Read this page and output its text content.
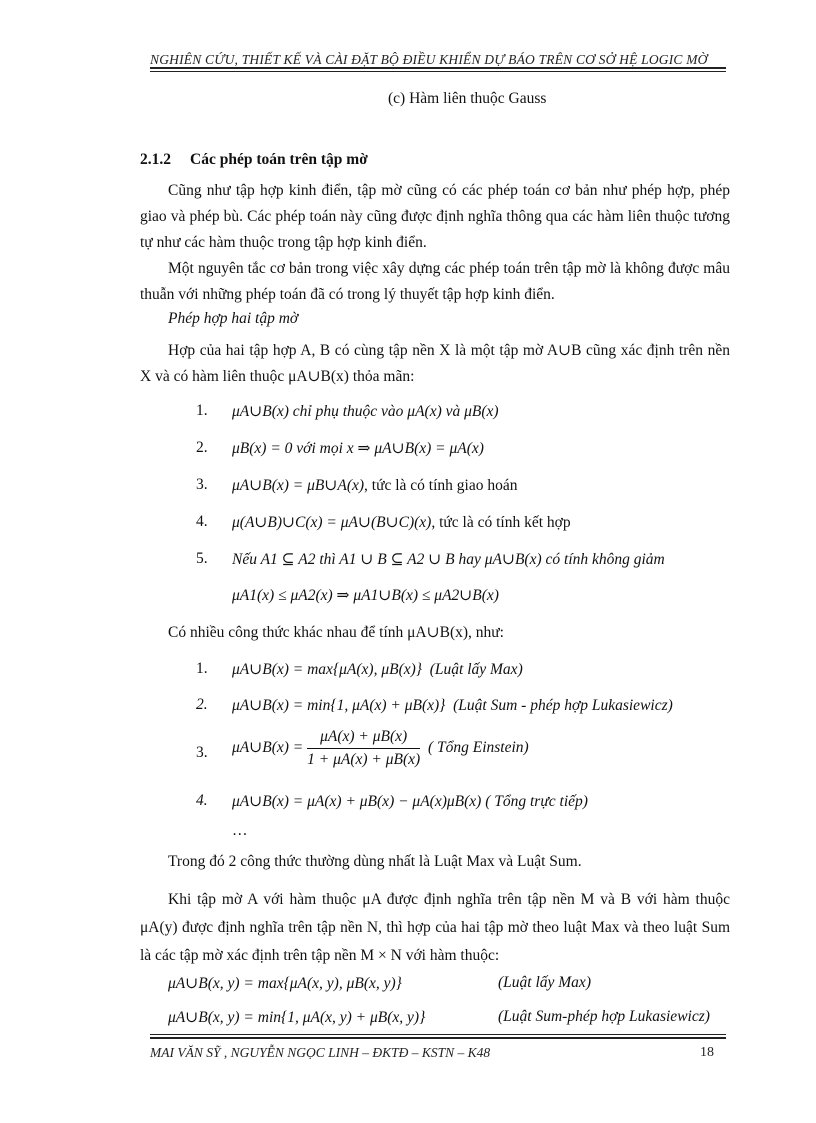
NGHIÊN CỨU, THIẾT KẾ VÀ CÀI ĐẶT BỘ ĐIỀU KHIỂN DỰ BÁO TRÊN CƠ SỞ HỆ LOGIC MỜ
(c) Hàm liên thuộc Gauss
2.1.2 Các phép toán trên tập mờ
Cũng như tập hợp kinh điển, tập mờ cũng có các phép toán cơ bản như phép hợp, phép giao và phép bù. Các phép toán này cũng được định nghĩa thông qua các hàm liên thuộc tương tự như các hàm thuộc trong tập hợp kinh điển.
Một nguyên tắc cơ bản trong việc xây dựng các phép toán trên tập mờ là không được mâu thuẫn với những phép toán đã có trong lý thuyết tập hợp kinh điển.
Phép hợp hai tập mờ
Hợp của hai tập hợp A, B có cùng tập nền X là một tập mờ A∪B cũng xác định trên nền X và có hàm liên thuộc μA∪B(x) thỏa mãn:
1. μA∪B(x) chỉ phụ thuộc vào μA(x) và μB(x)
2. μB(x) = 0 với mọi x ⇒ μA∪B(x) = μA(x)
3. μA∪B(x) = μB∪A(x), tức là có tính giao hoán
4. μ(A∪B)∪C(x) = μA∪(B∪C)(x), tức là có tính kết hợp
5. Nếu A1 ⊆ A2 thì A1 ∪ B ⊆ A2 ∪ B hay μA∪B(x) có tính không giảm
μA1(x) ≤ μA2(x) ⇒ μA1∪B(x) ≤ μA2∪B(x)
Có nhiều công thức khác nhau để tính μA∪B(x), như:
1. μA∪B(x) = max{μA(x), μB(x)} (Luật lấy Max)
2. μA∪B(x) = min{1, μA(x) + μB(x)} (Luật Sum - phép hợp Lukasiewicz)
3. μA∪B(x) = $\frac{\mu A(x) + \mu B(x)}{1 + \mu A(x) + \mu B(x)}$ ( Tổng Einstein)
4. μA∪B(x) = μA(x) + μB(x) − μA(x)μB(x) ( Tổng trực tiếp)
…
Trong đó 2 công thức thường dùng nhất là Luật Max và Luật Sum.
Khi tập mờ A với hàm thuộc μA được định nghĩa trên tập nền M và B với hàm thuộc μA(y) được định nghĩa trên tập nền N, thì hợp của hai tập mờ theo luật Max và theo luật Sum là các tập mờ xác định trên tập nền M × N với hàm thuộc:
μA∪B(x, y) = max{μA(x, y), μB(x, y)}	(Luật lấy Max)
μA∪B(x, y) = min{1, μA(x, y) + μB(x, y)}	(Luật Sum-phép hợp Lukasiewicz)
MAI VĂN SỸ , NGUYỄN NGỌC LINH – ĐKTĐ – KSTN – K48	18
